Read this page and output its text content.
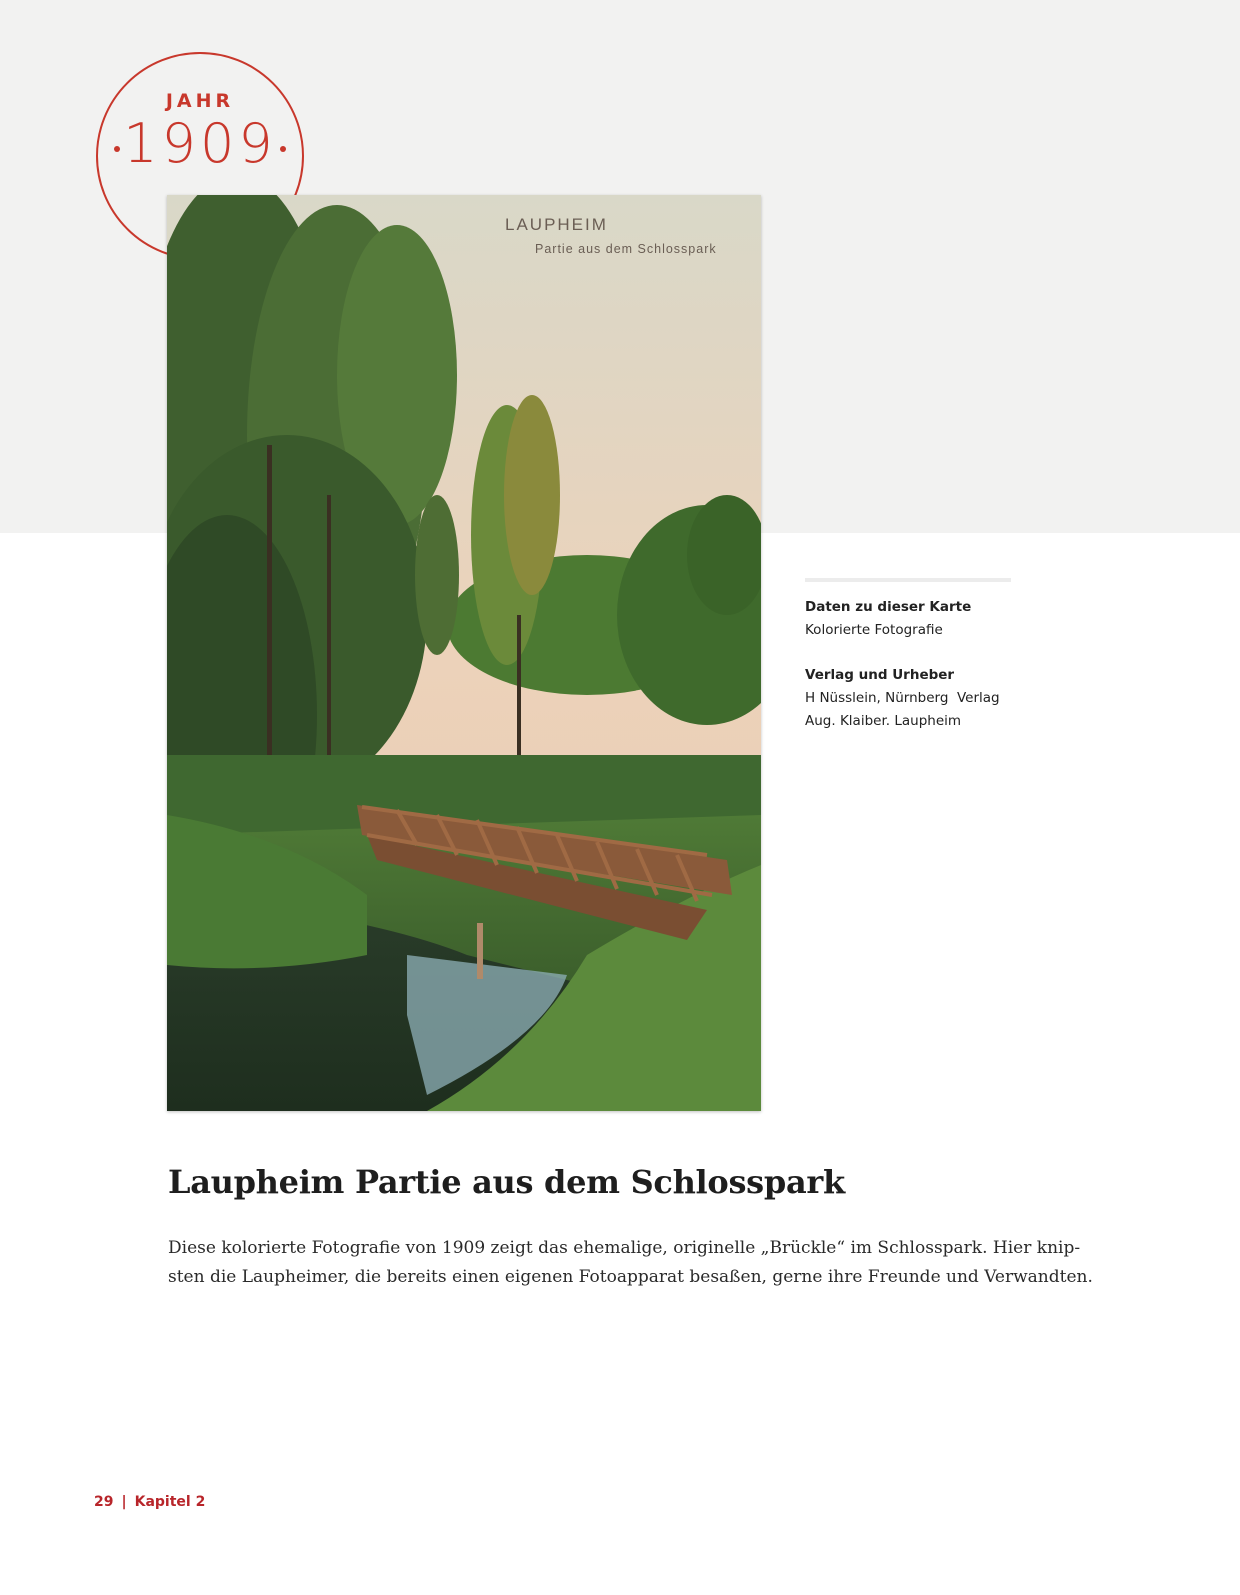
JAHR
1909
LAUPHEIM
Partie aus dem Schlosspark
Daten zu dieser Karte
Kolorierte Fotografie
Verlag und Urheber
H Nüsslein, Nürnberg  Verlag
Aug. Klaiber. Laupheim
Laupheim Partie aus dem Schlosspark

Diese kolorierte Fotografie von 1909 zeigt das ehemalige, originelle „Brückle“ im Schlosspark. Hier knip-sten die Laupheimer, die bereits einen eigenen Fotoapparat besaßen, gerne ihre Freunde und Verwandten.

29 | Kapitel 2
